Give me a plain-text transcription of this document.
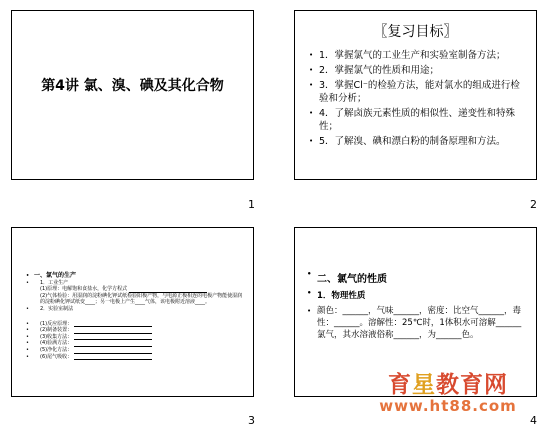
第4讲 氯、溴、碘及其化合物
1
〖复习目标〗
• 1．掌握氯气的工业生产和实验室制备方法；
• 2．掌握氯气的性质和用途；
• 3．掌握Cl⁻的检验方法，能对氯水的组成进行检验和分析；
• 4．了解卤族元素性质的相似性、递变性和特殊性；
• 5．了解溴、碘和漂白粉的制备原理和方法。
2
• 一、氯气的生产
• 1．工业生产
(1)原理：电解饱和食盐水，化学方程式
(2)气体检验：用湿润的淀粉碘化钾试纸检验阳极产物，与电源正极相连的电极产物能使湿润的淀粉碘化钾试纸变____；另一电极上产生____气体，该电极附近溶液____。
• 2．实验室制法
• (1)反应原理：
• (2)制备装置：
• (3)收集方法：
• (4)验满方法：
• (5)净化方法：
• (6)尾气吸收：
3
• 二、氯气的性质
• 1．物理性质
• 颜色：______，气味______，密度：比空气______，毒性：______。溶解性：25℃时，1体积水可溶解______氯气，其水溶液俗称______，为______色。
4
育星教育网
www.ht88.com
